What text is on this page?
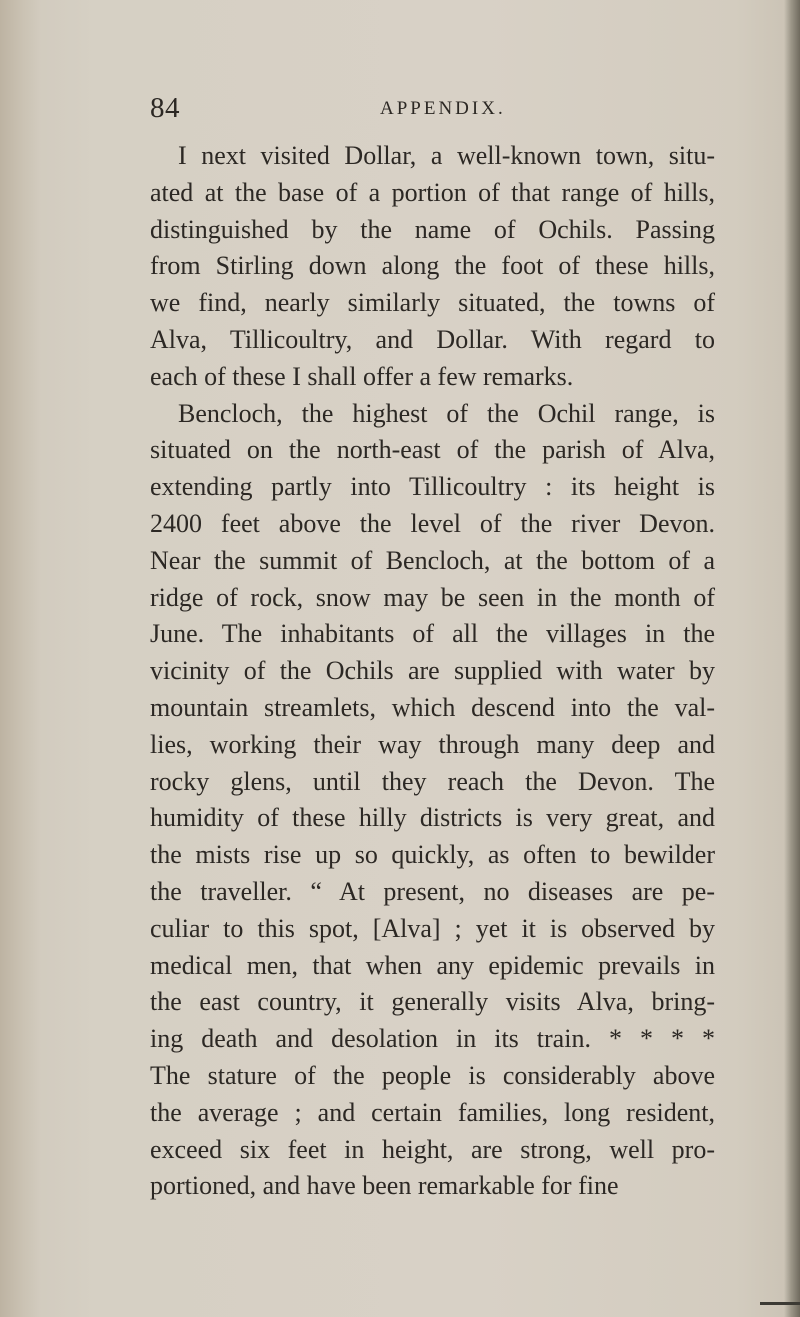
84	APPENDIX.
I next visited Dollar, a well-known town, situ-
ated at the base of a portion of that range of hills,
distinguished by the name of Ochils. Passing
from Stirling down along the foot of these hills,
we find, nearly similarly situated, the towns of
Alva, Tillicoultry, and Dollar. With regard to
each of these I shall offer a few remarks.
Bencloch, the highest of the Ochil range, is
situated on the north-east of the parish of Alva,
extending partly into Tillicoultry : its height is
2400 feet above the level of the river Devon.
Near the summit of Bencloch, at the bottom of a
ridge of rock, snow may be seen in the month of
June. The inhabitants of all the villages in the
vicinity of the Ochils are supplied with water by
mountain streamlets, which descend into the val-
lies, working their way through many deep and
rocky glens, until they reach the Devon. The
humidity of these hilly districts is very great, and
the mists rise up so quickly, as often to bewilder
the traveller. “ At present, no diseases are pe-
culiar to this spot, [Alva] ; yet it is observed by
medical men, that when any epidemic prevails in
the east country, it generally visits Alva, bring-
ing death and desolation in its train. * * * *
The stature of the people is considerably above
the average ; and certain families, long resident,
exceed six feet in height, are strong, well pro-
portioned, and have been remarkable for fine
